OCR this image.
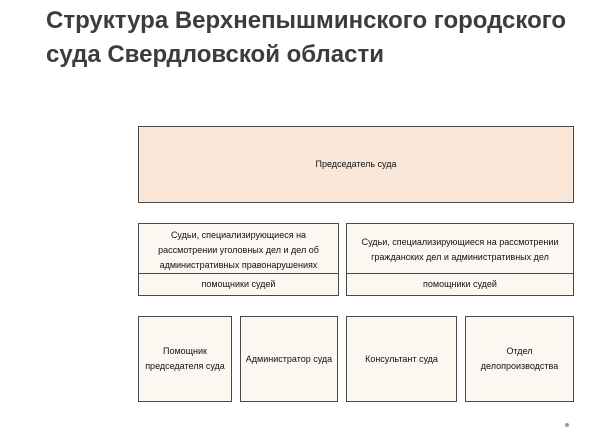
Структура Верхнепышминского городского
суда Свердловской области
Председатель суда
Судьи, специализирующиеся на рассмотрении уголовных дел и дел об административных правонарушениях
помощники судей
Судьи, специализирующиеся на рассмотрении гражданских дел и административных дел
помощники судей
Помощник председателя суда
Администратор суда	Консультант суда
Отдел делопроизводства
